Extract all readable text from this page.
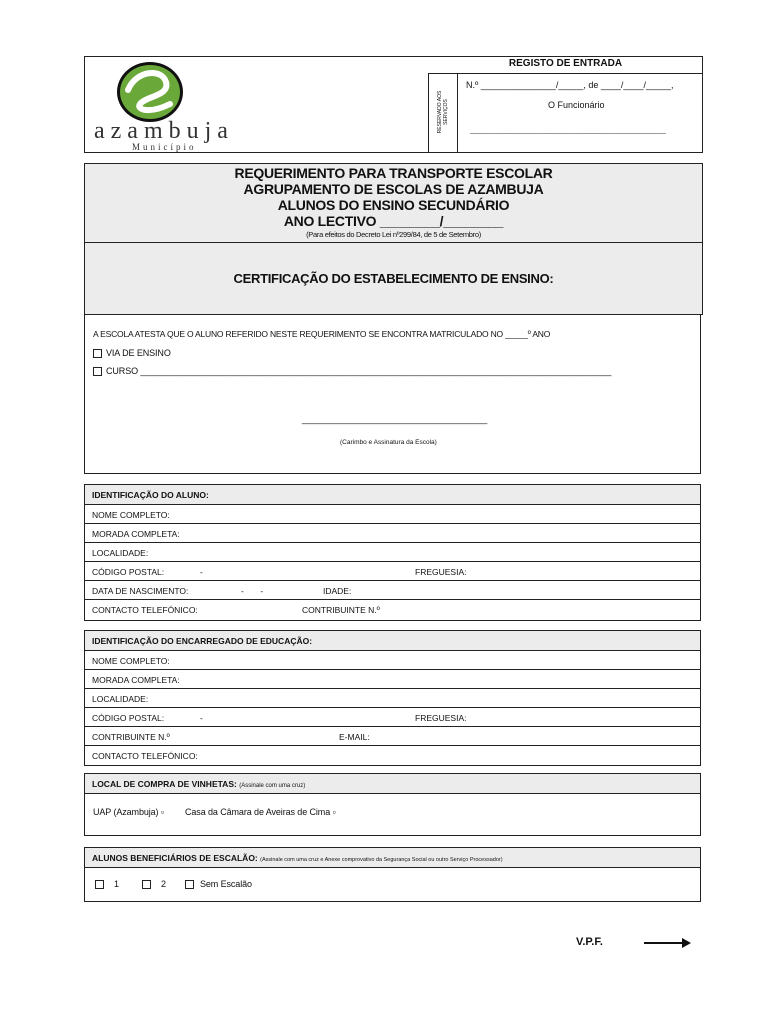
azambuja
Município
RESERVADO AOS SERVIÇOS
REGISTO DE ENTRADA
N.º _______________/_____, de ____/____/_____,
O Funcionário
____________________________________________
REQUERIMENTO PARA TRANSPORTE ESCOLAR
AGRUPAMENTO DE ESCOLAS DE AZAMBUJA
ALUNOS DO ENSINO SECUNDÁRIO
ANO LECTIVO ________/________
(Para efeitos do Decreto Lei nº299/84, de 5 de Setembro)
CERTIFICAÇÃO DO ESTABELECIMENTO DE ENSINO:
A ESCOLA ATESTA QUE O ALUNO REFERIDO NESTE REQUERIMENTO SE ENCONTRA MATRICULADO NO _____º ANO
VIA DE ENSINO
CURSO ________________________________________________________________________________________________
_____________________________________
(Carimbo e Assinatura da Escola)
IDENTIFICAÇÃO DO ALUNO:
NOME COMPLETO:
MORADA COMPLETA:
LOCALIDADE:
CÓDIGO POSTAL:	-	FREGUESIA:
DATA DE NASCIMENTO:	-       -	IDADE:
CONTACTO TELEFÓNICO:	CONTRIBUINTE N.º
IDENTIFICAÇÃO DO ENCARREGADO DE EDUCAÇÃO:
NOME COMPLETO:
MORADA COMPLETA:
LOCALIDADE:
CÓDIGO POSTAL:	-	FREGUESIA:
CONTRIBUINTE N.º	E-MAIL:
CONTACTO TELEFÓNICO:
LOCAL DE COMPRA DE VINHETAS: (Assinale com uma cruz)
UAP (Azambuja) ▫ Casa da Câmara de Aveiras de Cima ▫
ALUNOS BENEFICIÁRIOS DE ESCALÃO: (Assinale com uma cruz e Anexe comprovativo da Segurança Social ou outro Serviço Processador)
1	2	Sem Escalão
V.P.F.
